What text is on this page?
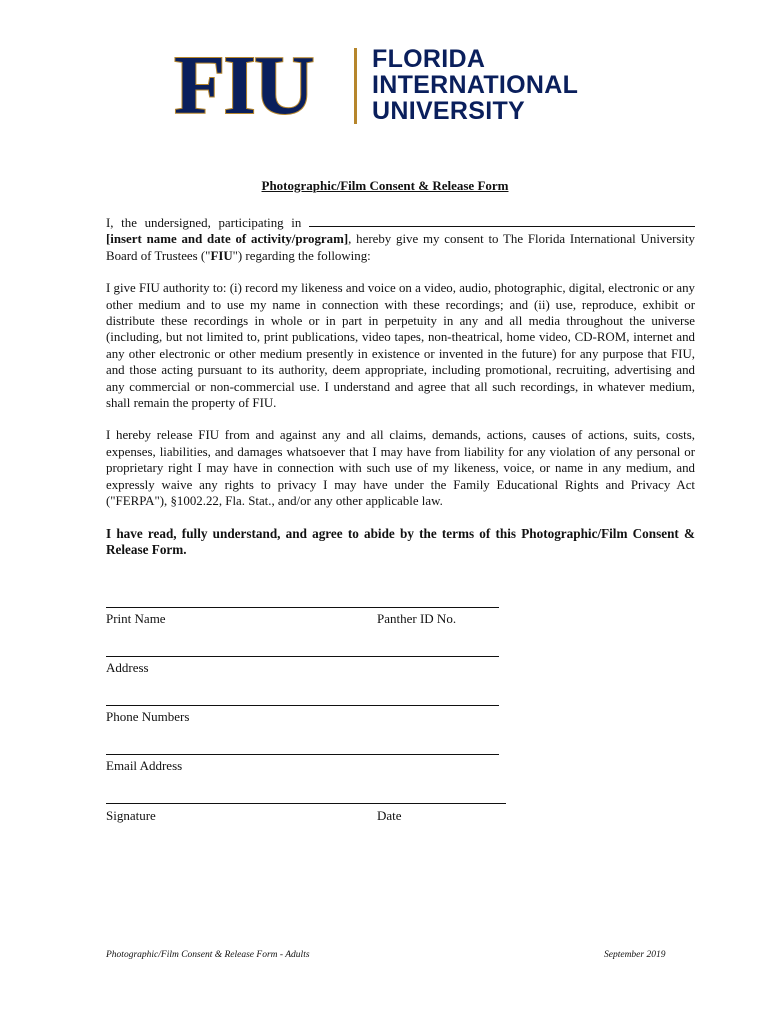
FIU FLORIDA
INTERNATIONAL
UNIVERSITY
Photographic/Film Consent & Release Form

I, the undersigned, participating in  [insert name and date of activity/program], hereby give my consent to The Florida International University Board of Trustees ("FIU") regarding the following:

I give FIU authority to: (i) record my likeness and voice on a video, audio, photographic, digital, electronic or any other medium and to use my name in connection with these recordings; and (ii) use, reproduce, exhibit or distribute these recordings in whole or in part in perpetuity in any and all media throughout the universe (including, but not limited to, print publications, video tapes, non-theatrical, home video, CD-ROM, internet and any other electronic or other medium presently in existence or invented in the future) for any purpose that FIU, and those acting pursuant to its authority, deem appropriate, including promotional, recruiting, advertising and any commercial or non-commercial use. I understand and agree that all such recordings, in whatever medium, shall remain the property of FIU.

I hereby release FIU from and against any and all claims, demands, actions, causes of actions, suits, costs, expenses, liabilities, and damages whatsoever that I may have from liability for any violation of any personal or proprietary right I may have in connection with such use of my likeness, voice, or name in any medium, and expressly waive any rights to privacy I may have under the Family Educational Rights and Privacy Act ("FERPA"), §1002.22, Fla. Stat., and/or any other applicable law.

I have read, fully understand, and agree to abide by the terms of this Photographic/Film Consent & Release Form.

Print Name	Panther ID No.
Address
Phone Numbers
Email Address
Signature	Date
Photographic/Film Consent & Release Form - Adults	September 2019
